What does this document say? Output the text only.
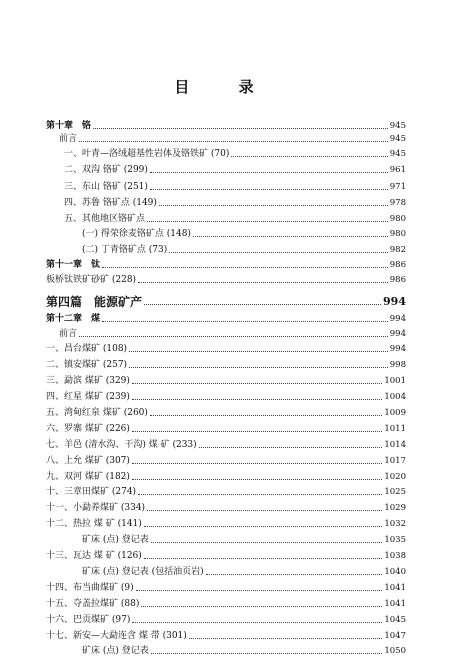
目 录
第十章　铬	945
前言	945
一、叶青—洛绒超基性岩体及铬铁矿 (70)	945
二、双沟 铬矿 (299)	961
三、东山 铬矿 (251)	971
四、苏鲁 铬矿点 (149)	978
五、其他地区铬矿点	980
(一) 得荣徐麦铬矿点 (148)	980
(二) 丁青铬矿点 (73)	982
第十一章　钛	986
板桥钛铁矿砂矿 (228)	986
第四篇　能源矿产	994
第十二章　煤	994
前言	994
一、昌台煤矿 (108)	994
二、镇安煤矿 (257)	998
三、勐滨 煤矿 (329)	1001
四、红星 煤矿 (239)	1004
五、湾甸红泉 煤矿 (260)	1009
六、罗寨 煤矿 (226)	1011
七、羊邑 (清水沟、干沟) 煤 矿 (233)	1014
八、上允 煤矿 (307)	1017
九、双河 煤矿 (182)	1020
十、三章田煤矿 (274)	1025
十一、小勐养煤矿 (334)	1029
十二、热拉 煤 矿 (141)	1032
矿床 (点) 登记表	1035
十三、瓦达 煤 矿 (126)	1038
矿床 (点) 登记表 (包括油页岩)	1040
十四、布当曲煤矿 (9)	1041
十五、夺盖拉煤矿 (88)	1041
十六、巴贡煤矿 (97)	1045
十七、新安—大勐连含 煤 带 (301)	1047
矿床 (点) 登记表	1050
